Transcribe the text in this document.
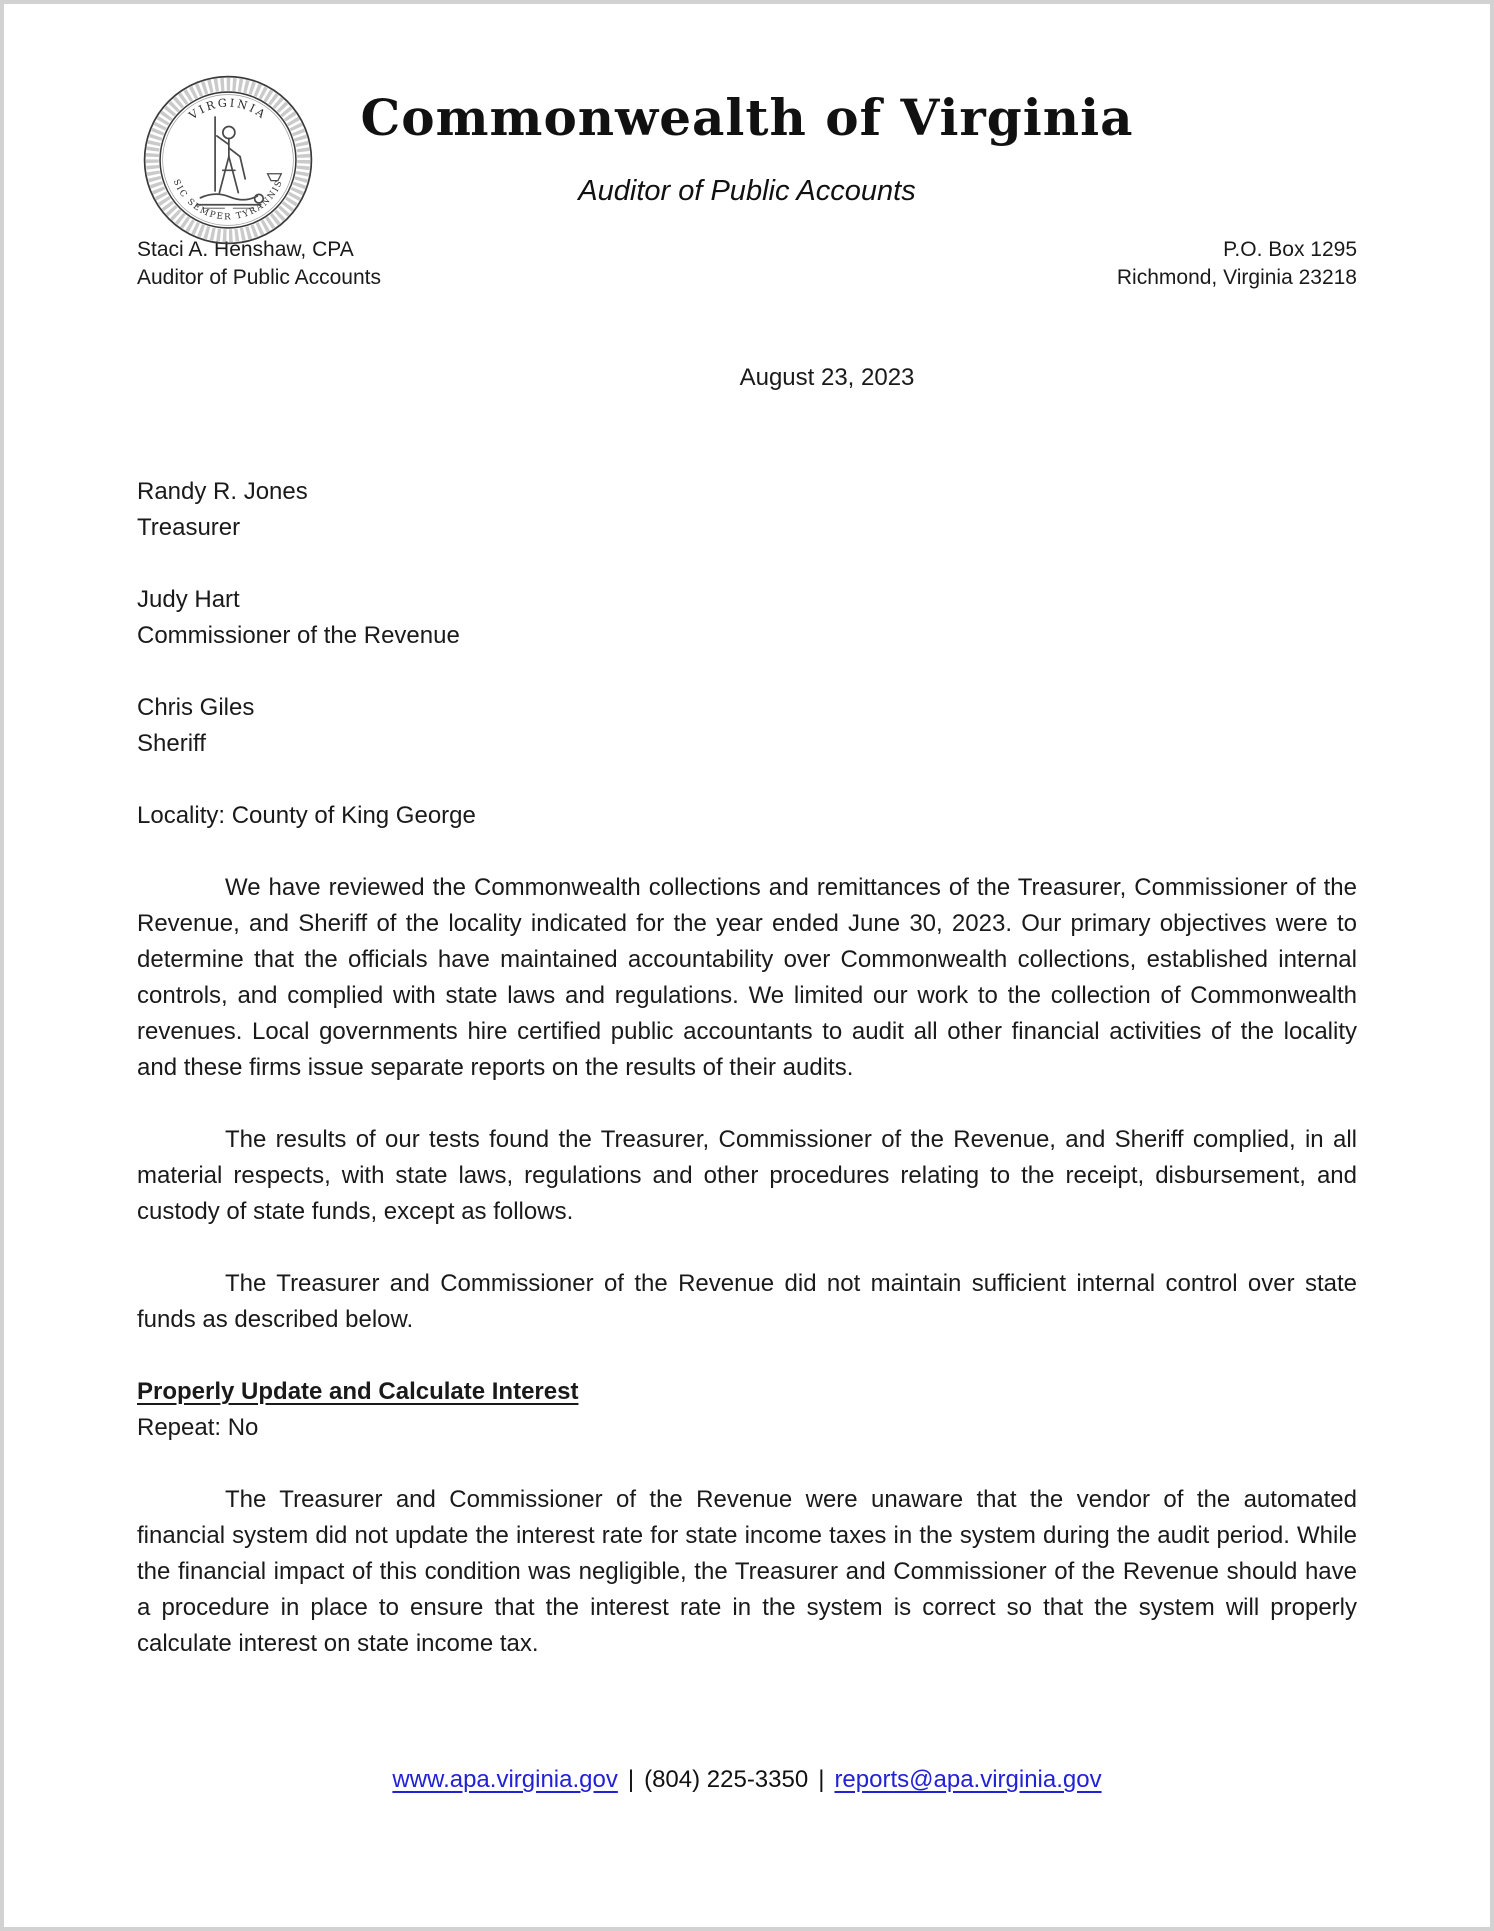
VIRGINIA
SIC SEMPER TYRANNIS
Commonwealth of Virginia
Auditor of Public Accounts
Staci A. Henshaw, CPA
Auditor of Public Accounts
P.O. Box 1295
Richmond, Virginia 23218
August 23, 2023
Randy R. Jones
Treasurer
Judy Hart
Commissioner of the Revenue
Chris Giles
Sheriff
Locality: County of King George

We have reviewed the Commonwealth collections and remittances of the Treasurer, Commissioner of the Revenue, and Sheriff of the locality indicated for the year ended June 30, 2023. Our primary objectives were to determine that the officials have maintained accountability over Commonwealth collections, established internal controls, and complied with state laws and regulations. We limited our work to the collection of Commonwealth revenues. Local governments hire certified public accountants to audit all other financial activities of the locality and these firms issue separate reports on the results of their audits.

The results of our tests found the Treasurer, Commissioner of the Revenue, and Sheriff complied, in all material respects, with state laws, regulations and other procedures relating to the receipt, disbursement, and custody of state funds, except as follows.

The Treasurer and Commissioner of the Revenue did not maintain sufficient internal control over state funds as described below.

Properly Update and Calculate Interest
Repeat: No

The Treasurer and Commissioner of the Revenue were unaware that the vendor of the automated financial system did not update the interest rate for state income taxes in the system during the audit period. While the financial impact of this condition was negligible, the Treasurer and Commissioner of the Revenue should have a procedure in place to ensure that the interest rate in the system is correct so that the system will properly calculate interest on state income tax.

www.apa.virginia.gov | (804) 225-3350 | reports@apa.virginia.gov
